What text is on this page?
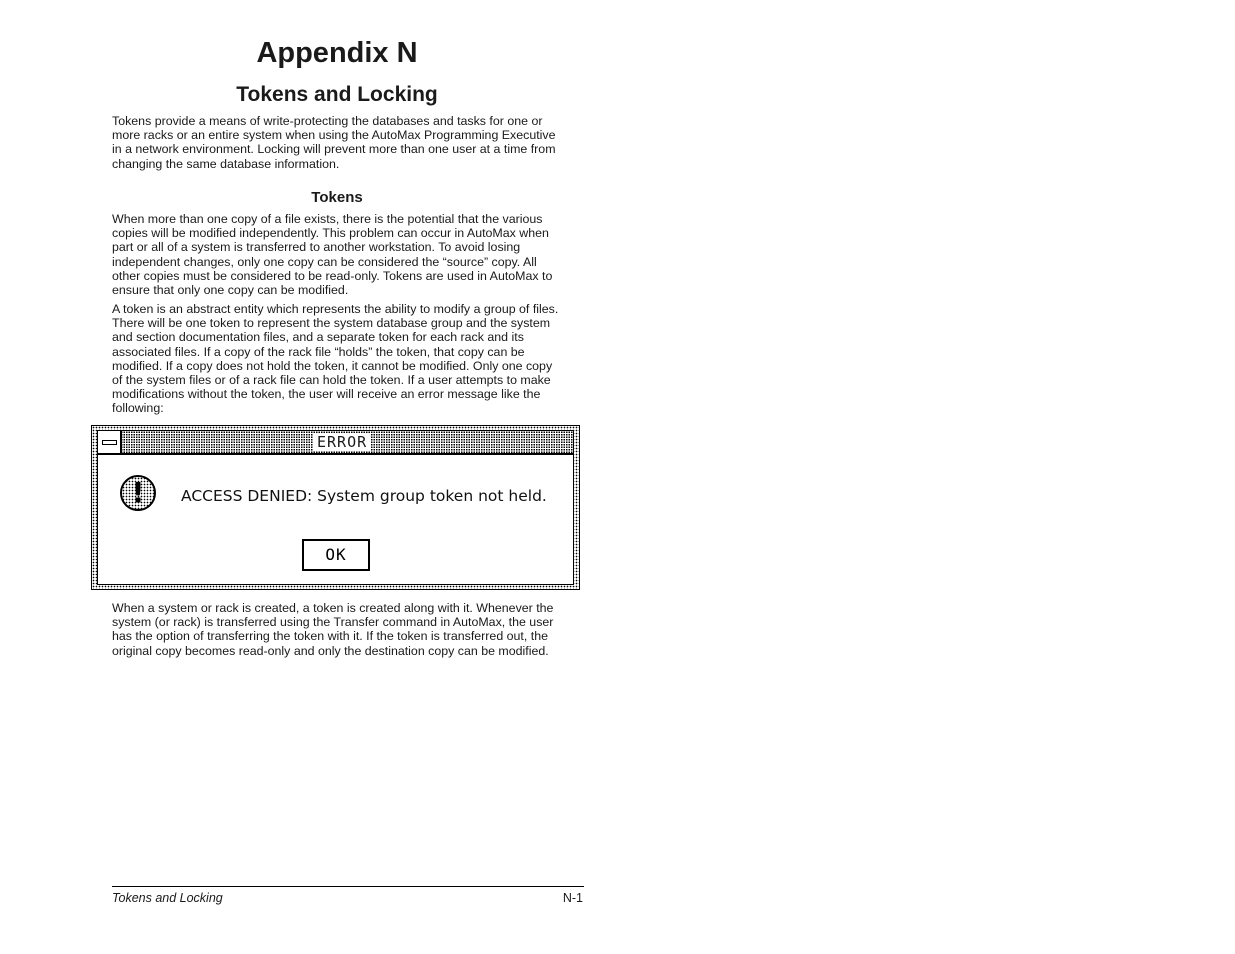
Appendix N
Tokens and Locking

Tokens provide a means of write-protecting the databases and tasks for one or more racks or an entire system when using the AutoMax Programming Executive in a network environment. Locking will prevent more than one user at a time from changing the same database information.

Tokens

When more than one copy of a file exists, there is the potential that the various copies will be modified independently. This problem can occur in AutoMax when part or all of a system is transferred to another workstation. To avoid losing independent changes, only one copy can be considered the “source” copy. All other copies must be considered to be read-only. Tokens are used in AutoMax to ensure that only one copy can be modified.

A token is an abstract entity which represents the ability to modify a group of files. There will be one token to represent the system database group and the system and section documentation files, and a separate token for each rack and its associated files. If a copy of the rack file “holds” the token, that copy can be modified. If a copy does not hold the token, it cannot be modified. Only one copy of the system files or of a rack file can hold the token. If a user attempts to make modifications without the token, the user will receive an error message like the following:

ERROR
!	ACCESS DENIED: System group token not held.
OK

When a system or rack is created, a token is created along with it. Whenever the system (or rack) is transferred using the Transfer command in AutoMax, the user has the option of transferring the token with it. If the token is transferred out, the original copy becomes read-only and only the destination copy can be modified.

Tokens and Locking	N-1
